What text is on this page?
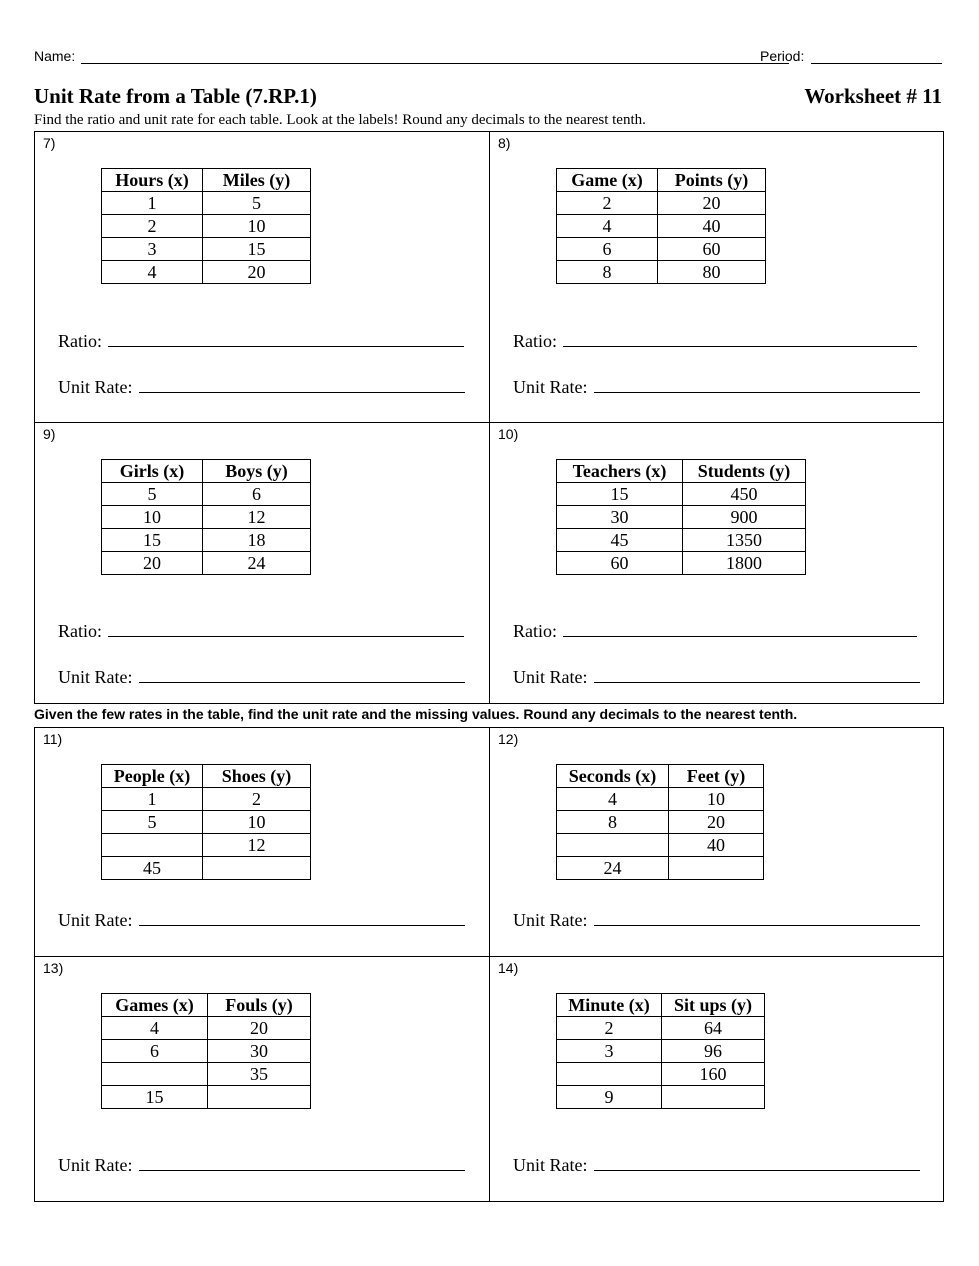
Name:	Period:
Unit Rate from a Table (7.RP.1)	Worksheet # 11
Find the ratio and unit rate for each table. Look at the labels! Round any decimals to the nearest tenth.
7)
Hours (x)	Miles (y)
1	5
2	10
3	15
4	20
Ratio:
Unit Rate:
8)
Game (x)	Points (y)
2	20
4	40
6	60
8	80
Ratio:
Unit Rate:
9)
Girls (x)	Boys (y)
5	6
10	12
15	18
20	24
Ratio:
Unit Rate:
10)
Teachers (x)	Students (y)
15	450
30	900
45	1350
60	1800
Ratio:
Unit Rate:
Given the few rates in the table, find the unit rate and the missing values. Round any decimals to the nearest tenth.
11)
People (x)	Shoes (y)
1	2
5	10
	12
45	
Unit Rate:
12)
Seconds (x)	Feet (y)
4	10
8	20
	40
24	
Unit Rate:
13)
Games (x)	Fouls (y)
4	20
6	30
	35
15	
Unit Rate:
14)
Minute (x)	Sit ups (y)
2	64
3	96
	160
9	
Unit Rate:
